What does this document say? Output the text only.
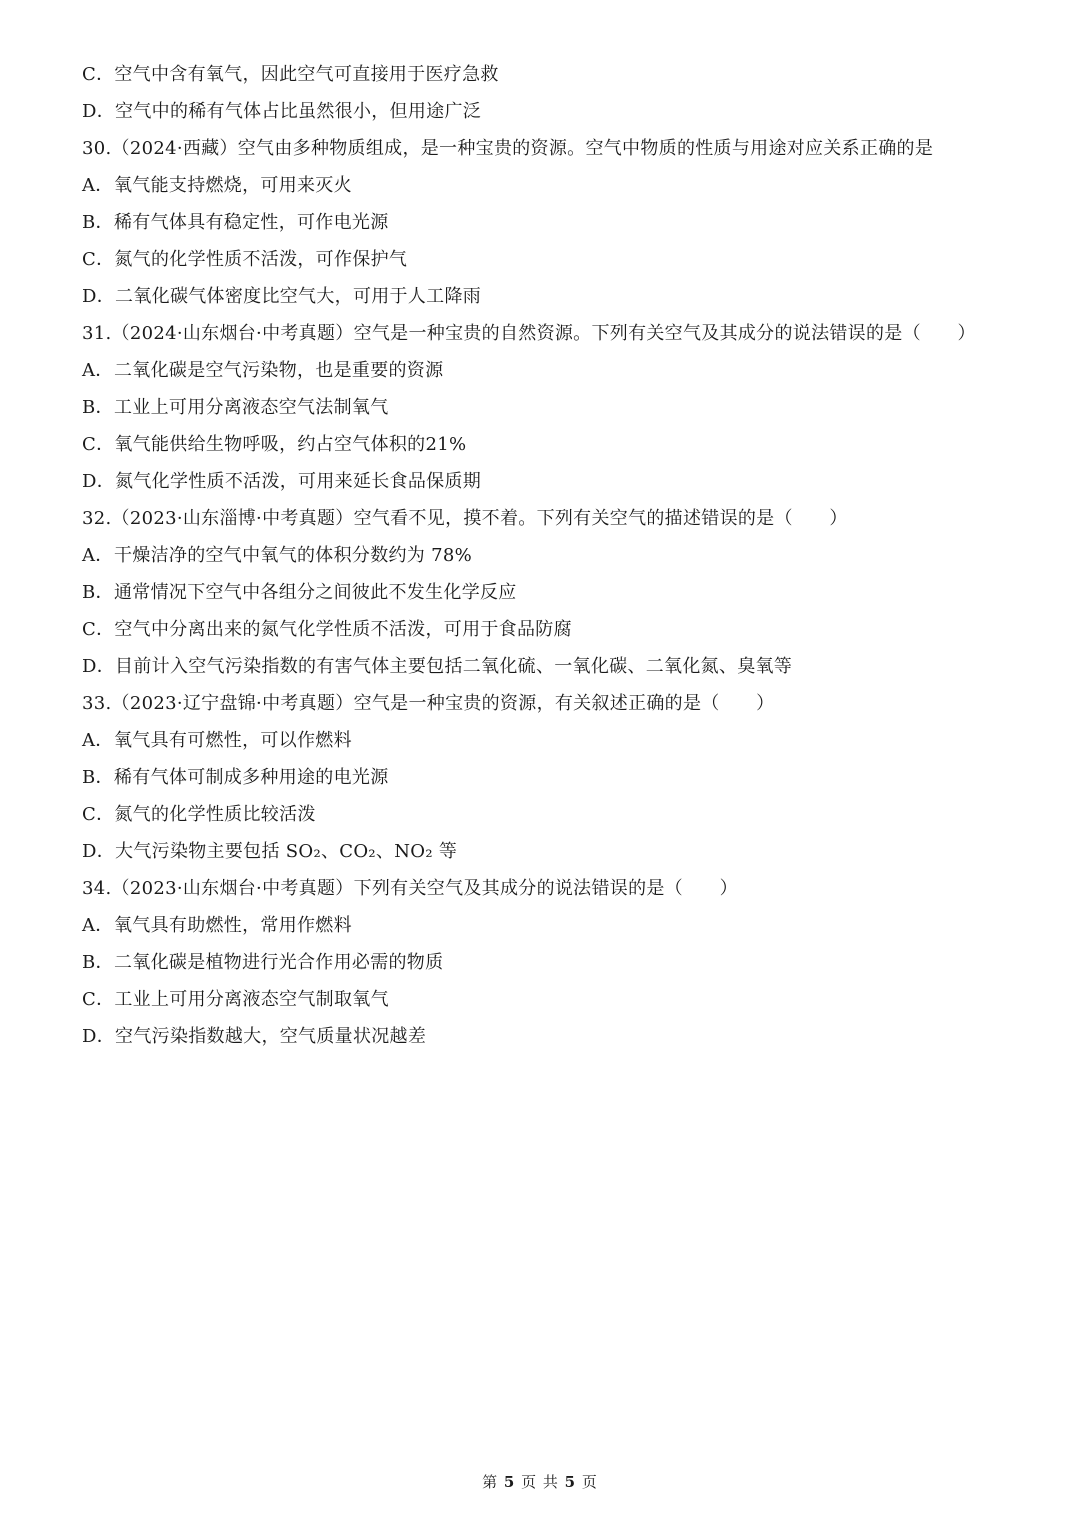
C．空气中含有氧气，因此空气可直接用于医疗急救
D．空气中的稀有气体占比虽然很小，但用途广泛
30.（2024·西藏）空气由多种物质组成，是一种宝贵的资源。空气中物质的性质与用途对应关系正确的是
A．氧气能支持燃烧，可用来灭火
B．稀有气体具有稳定性，可作电光源
C．氮气的化学性质不活泼，可作保护气
D．二氧化碳气体密度比空气大，可用于人工降雨
31.（2024·山东烟台·中考真题）空气是一种宝贵的自然资源。下列有关空气及其成分的说法错误的是（　　）
A．二氧化碳是空气污染物，也是重要的资源
B．工业上可用分离液态空气法制氧气
C．氧气能供给生物呼吸，约占空气体积的21%
D．氮气化学性质不活泼，可用来延长食品保质期
32.（2023·山东淄博·中考真题）空气看不见，摸不着。下列有关空气的描述错误的是（　　）
A．干燥洁净的空气中氧气的体积分数约为 78%
B．通常情况下空气中各组分之间彼此不发生化学反应
C．空气中分离出来的氮气化学性质不活泼，可用于食品防腐
D．目前计入空气污染指数的有害气体主要包括二氧化硫、一氧化碳、二氧化氮、臭氧等
33.（2023·辽宁盘锦·中考真题）空气是一种宝贵的资源，有关叙述正确的是（　　）
A．氧气具有可燃性，可以作燃料
B．稀有气体可制成多种用途的电光源
C．氮气的化学性质比较活泼
D．大气污染物主要包括 SO₂、CO₂、NO₂ 等
34.（2023·山东烟台·中考真题）下列有关空气及其成分的说法错误的是（　　）
A．氧气具有助燃性，常用作燃料
B．二氧化碳是植物进行光合作用必需的物质
C．工业上可用分离液态空气制取氧气
D．空气污染指数越大，空气质量状况越差
第 5 页 共 5 页
